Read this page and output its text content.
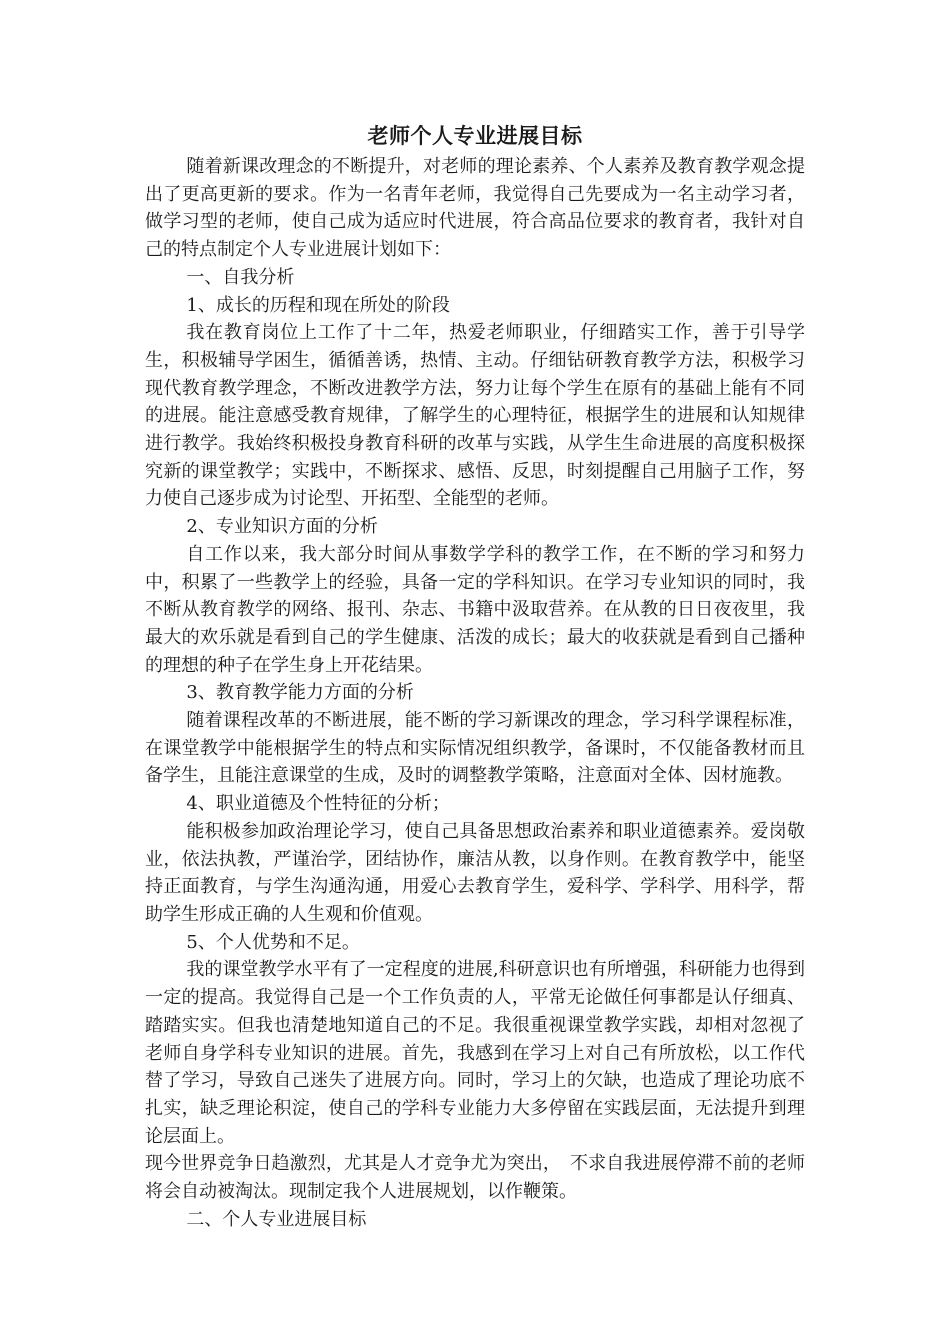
老师个人专业进展目标

随着新课改理念的不断提升，对老师的理论素养、个人素养及教育教学观念提出了更高更新的要求。作为一名青年老师，我觉得自己先要成为一名主动学习者，做学习型的老师，使自己成为适应时代进展，符合高品位要求的教育者，我针对自己的特点制定个人专业进展计划如下：

一、自我分析

1、成长的历程和现在所处的阶段

我在教育岗位上工作了十二年，热爱老师职业，仔细踏实工作，善于引导学生，积极辅导学困生，循循善诱，热情、主动。仔细钻研教育教学方法，积极学习现代教育教学理念，不断改进教学方法，努力让每个学生在原有的基础上能有不同的进展。能注意感受教育规律，了解学生的心理特征，根据学生的进展和认知规律进行教学。我始终积极投身教育科研的改革与实践，从学生生命进展的高度积极探究新的课堂教学；实践中，不断探求、感悟、反思，时刻提醒自己用脑子工作，努力使自己逐步成为讨论型、开拓型、全能型的老师。

2、专业知识方面的分析

自工作以来，我大部分时间从事数学学科的教学工作，在不断的学习和努力中，积累了一些教学上的经验，具备一定的学科知识。在学习专业知识的同时，我不断从教育教学的网络、报刊、杂志、书籍中汲取营养。在从教的日日夜夜里，我最大的欢乐就是看到自己的学生健康、活泼的成长；最大的收获就是看到自己播种的理想的种子在学生身上开花结果。

3、教育教学能力方面的分析

随着课程改革的不断进展，能不断的学习新课改的理念，学习科学课程标准，在课堂教学中能根据学生的特点和实际情况组织教学，备课时，不仅能备教材而且备学生，且能注意课堂的生成，及时的调整教学策略，注意面对全体、因材施教。

4、职业道德及个性特征的分析；

能积极参加政治理论学习，使自己具备思想政治素养和职业道德素养。爱岗敬业，依法执教，严谨治学，团结协作，廉洁从教，以身作则。在教育教学中，能坚持正面教育，与学生沟通沟通，用爱心去教育学生，爱科学、学科学、用科学，帮助学生形成正确的人生观和价值观。

5、个人优势和不足。

我的课堂教学水平有了一定程度的进展,科研意识也有所增强，科研能力也得到一定的提高。我觉得自己是一个工作负责的人，平常无论做任何事都是认仔细真、踏踏实实。但我也清楚地知道自己的不足。我很重视课堂教学实践，却相对忽视了老师自身学科专业知识的进展。首先，我感到在学习上对自己有所放松，以工作代替了学习，导致自己迷失了进展方向。同时，学习上的欠缺，也造成了理论功底不扎实，缺乏理论积淀，使自己的学科专业能力大多停留在实践层面，无法提升到理论层面上。

现今世界竞争日趋激烈，尤其是人才竞争尤为突出，　不求自我进展停滞不前的老师将会自动被淘汰。现制定我个人进展规划，以作鞭策。

二、个人专业进展目标
